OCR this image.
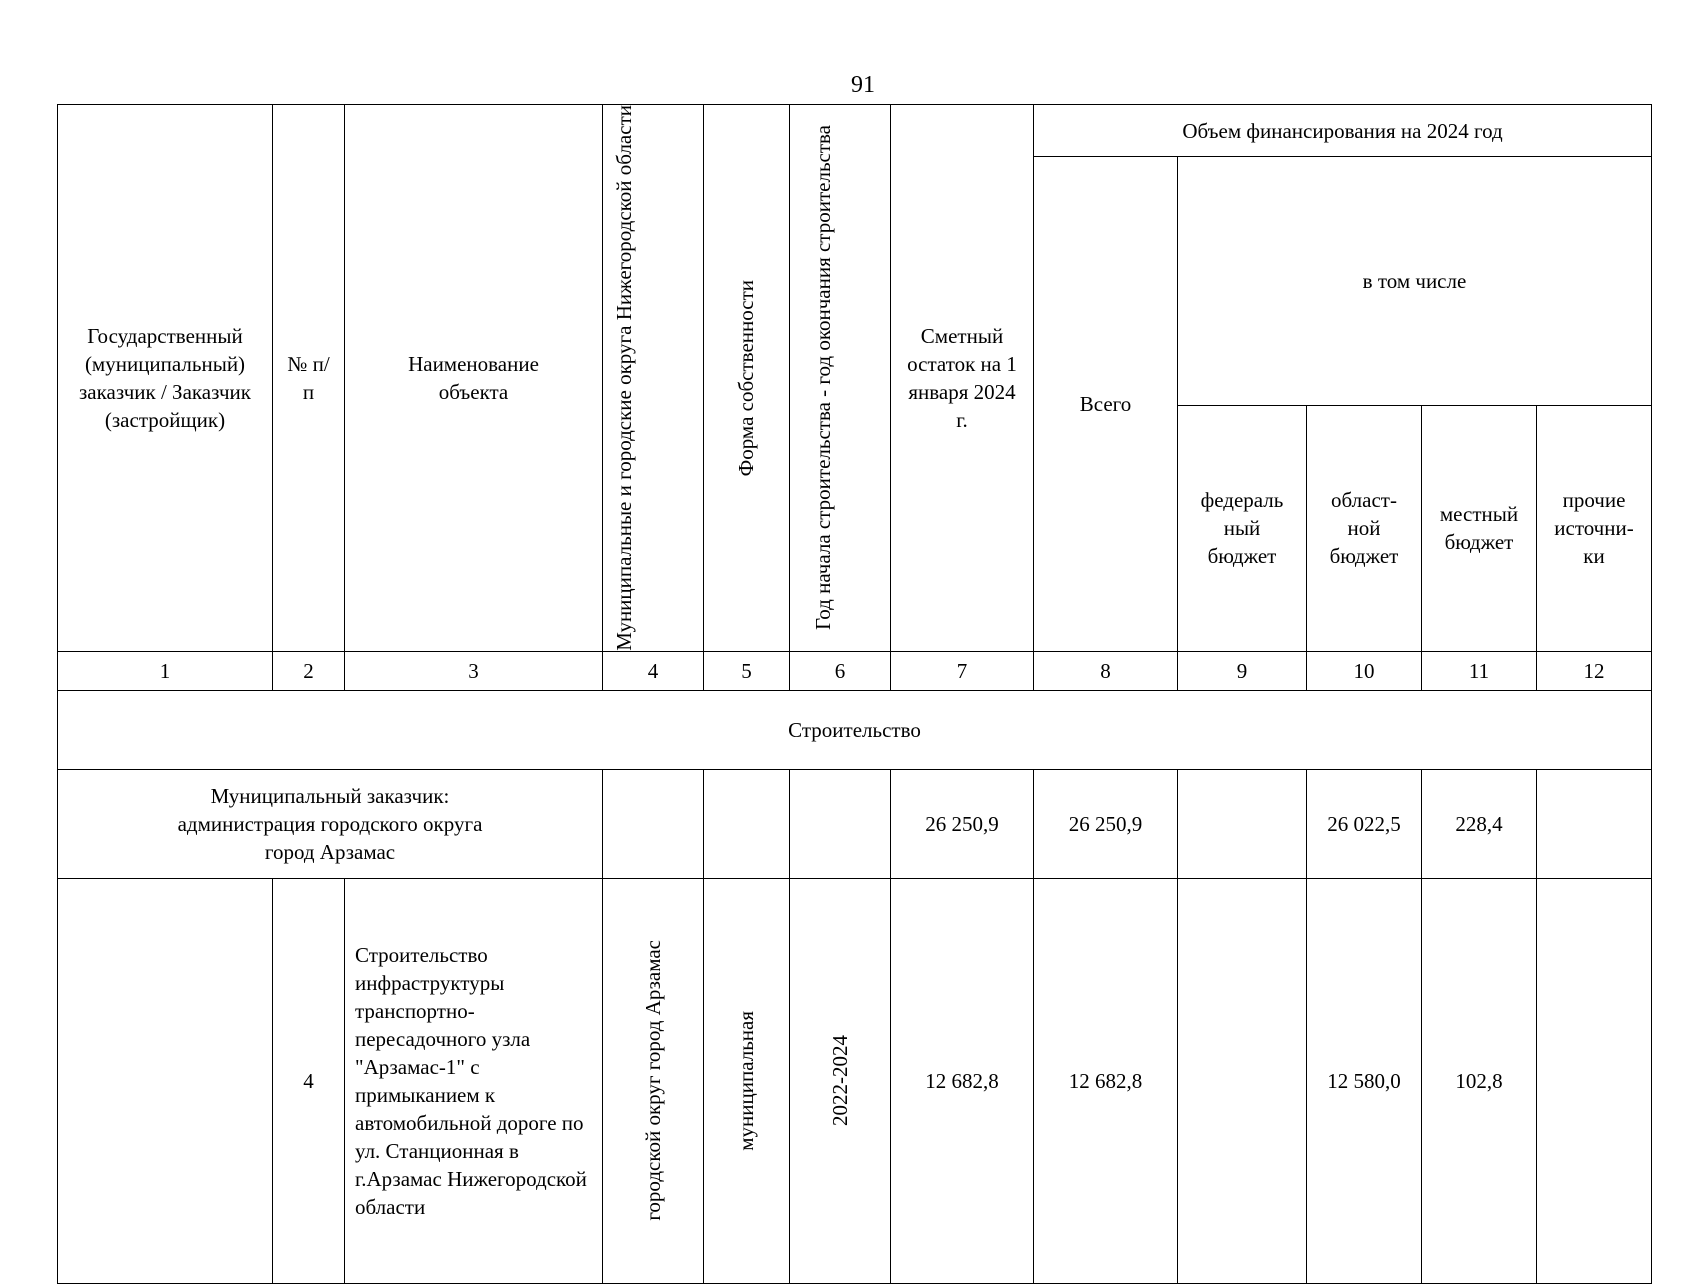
91
Государственный (муниципальный) заказчик / Заказчик (застройщик)	№ п/п	Наименование объекта	Муниципальные и городские округа Нижегородской области	Форма собственности	Год начала строительства - год окончания строительства	Сметный остаток на 1 января 2024 г.	Объем финансирования на 2024 год				
							Всего	в том числе			

								федераль ный бюджет	област- ной бюджет	местный бюджет	прочие источни- ки

1	2	3	4	5	6	7	8	9	10	11	12
Строительство											

Муниципальный заказчик: администрация городского округа город Арзамас						26 250,9	26 250,9		26 022,5	228,4	
	4	Строительство инфраструктуры транспортно-пересадочного узла "Арзамас-1" с примыканием к автомобильной дороге по ул. Станционная в г.Арзамас Нижегородской области	городской округ город Арзамас	муниципальная	2022-2024	12 682,8	12 682,8		12 580,0	102,8	
